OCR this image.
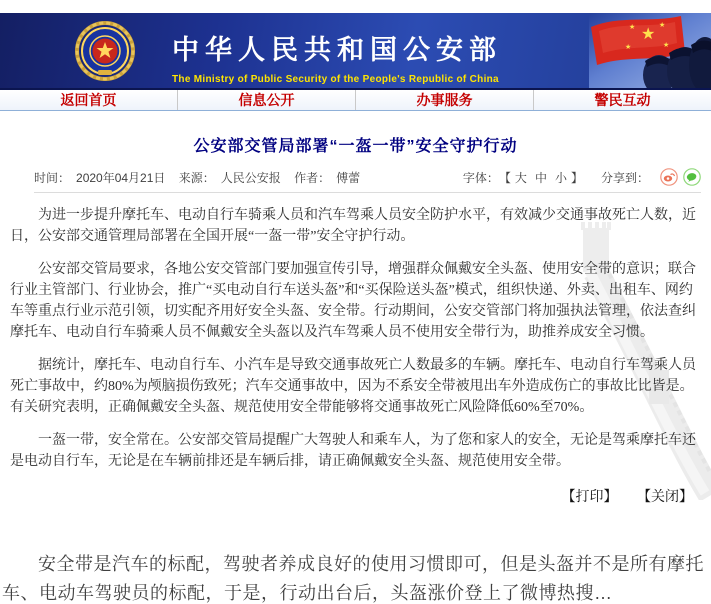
中华人民共和国公安部
The Ministry of Public Security of the People's Republic of China
★
★	★
★
★
返回首页	信息公开	办事服务	警民互动
公安部交管局部署“一盔一带”安全守护行动
时间： 2020年04月21日 来源： 人民公安报 作者： 傅蕾	字体： 【 大 中 小 】 分享到：

为进一步提升摩托车、电动自行车骑乘人员和汽车驾乘人员安全防护水平，有效减少交通事故死亡人数，近日，公安部交通管理局部署在全国开展“一盔一带”安全守护行动。

公安部交管局要求，各地公安交管部门要加强宣传引导，增强群众佩戴安全头盔、使用安全带的意识；联合行业主管部门、行业协会，推广“买电动自行车送头盔”和“买保险送头盔”模式，组织快递、外卖、出租车、网约车等重点行业示范引领，切实配齐用好安全头盔、安全带。行动期间，公安交管部门将加强执法管理，依法查纠摩托车、电动自行车骑乘人员不佩戴安全头盔以及汽车驾乘人员不使用安全带行为，助推养成安全习惯。

据统计，摩托车、电动自行车、小汽车是导致交通事故死亡人数最多的车辆。摩托车、电动自行车驾乘人员死亡事故中，约80%为颅脑损伤致死；汽车交通事故中，因为不系安全带被甩出车外造成伤亡的事故比比皆是。有关研究表明，正确佩戴安全头盔、规范使用安全带能够将交通事故死亡风险降低60%至70%。

一盔一带，安全常在。公安部交管局提醒广大驾驶人和乘车人，为了您和家人的安全，无论是驾乘摩托车还是电动自行车，无论是在车辆前排还是车辆后排，请正确佩戴安全头盔、规范使用安全带。

【打印】 【关闭】
安全带是汽车的标配，驾驶者养成良好的使用习惯即可，但是头盔并不是所有摩托车、电动车驾驶员的标配，于是，行动出台后，头盔涨价登上了微博热搜…
